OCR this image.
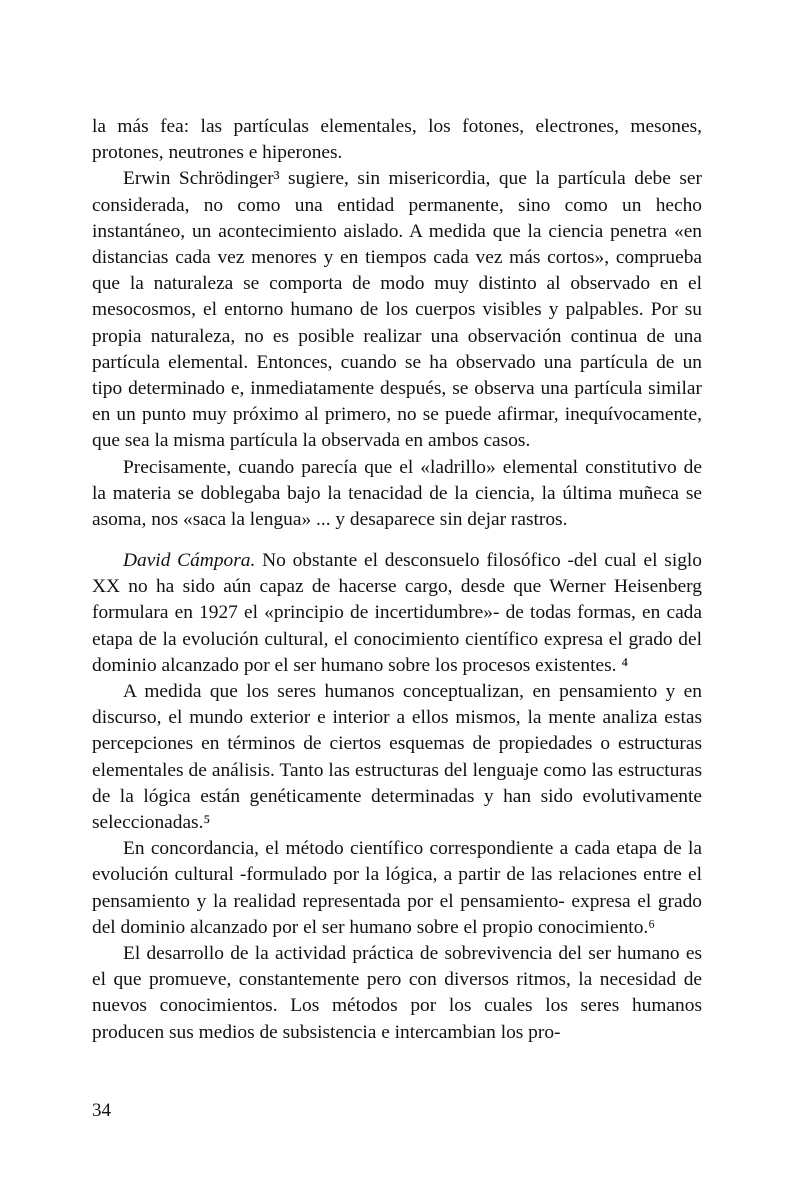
la más fea: las partículas elementales, los fotones, electrones, mesones, protones, neutrones e hiperones.

Erwin Schrödinger³ sugiere, sin misericordia, que la partícula debe ser considerada, no como una entidad permanente, sino como un hecho instantáneo, un acontecimiento aislado. A medida que la ciencia penetra «en distancias cada vez menores y en tiempos cada vez más cortos», comprueba que la naturaleza se comporta de modo muy distinto al observado en el mesocosmos, el entorno humano de los cuerpos visibles y palpables. Por su propia naturaleza, no es posible realizar una observación continua de una partícula elemental. Entonces, cuando se ha observado una partícula de un tipo determinado e, inmediatamente después, se observa una partícula similar en un punto muy próximo al primero, no se puede afirmar, inequívocamente, que sea la misma partícula la observada en ambos casos.

Precisamente, cuando parecía que el «ladrillo» elemental constitutivo de la materia se doblegaba bajo la tenacidad de la ciencia, la última muñeca se asoma, nos «saca la lengua» ... y desaparece sin dejar rastros.

David Cámpora. No obstante el desconsuelo filosófico -del cual el siglo XX no ha sido aún capaz de hacerse cargo, desde que Werner Heisenberg formulara en 1927 el «principio de incertidumbre»- de todas formas, en cada etapa de la evolución cultural, el conocimiento científico expresa el grado del dominio alcanzado por el ser humano sobre los procesos existentes. ⁴

A medida que los seres humanos conceptualizan, en pensamiento y en discurso, el mundo exterior e interior a ellos mismos, la mente analiza estas percepciones en términos de ciertos esquemas de propiedades o estructuras elementales de análisis. Tanto las estructuras del lenguaje como las estructuras de la lógica están genéticamente determinadas y han sido evolutivamente seleccionadas.⁵

En concordancia, el método científico correspondiente a cada etapa de la evolución cultural -formulado por la lógica, a partir de las relaciones entre el pensamiento y la realidad representada por el pensamiento- expresa el grado del dominio alcanzado por el ser humano sobre el propio conocimiento.⁶

El desarrollo de la actividad práctica de sobrevivencia del ser humano es el que promueve, constantemente pero con diversos ritmos, la necesidad de nuevos conocimientos. Los métodos por los cuales los seres humanos producen sus medios de subsistencia e intercambian los pro-

34
